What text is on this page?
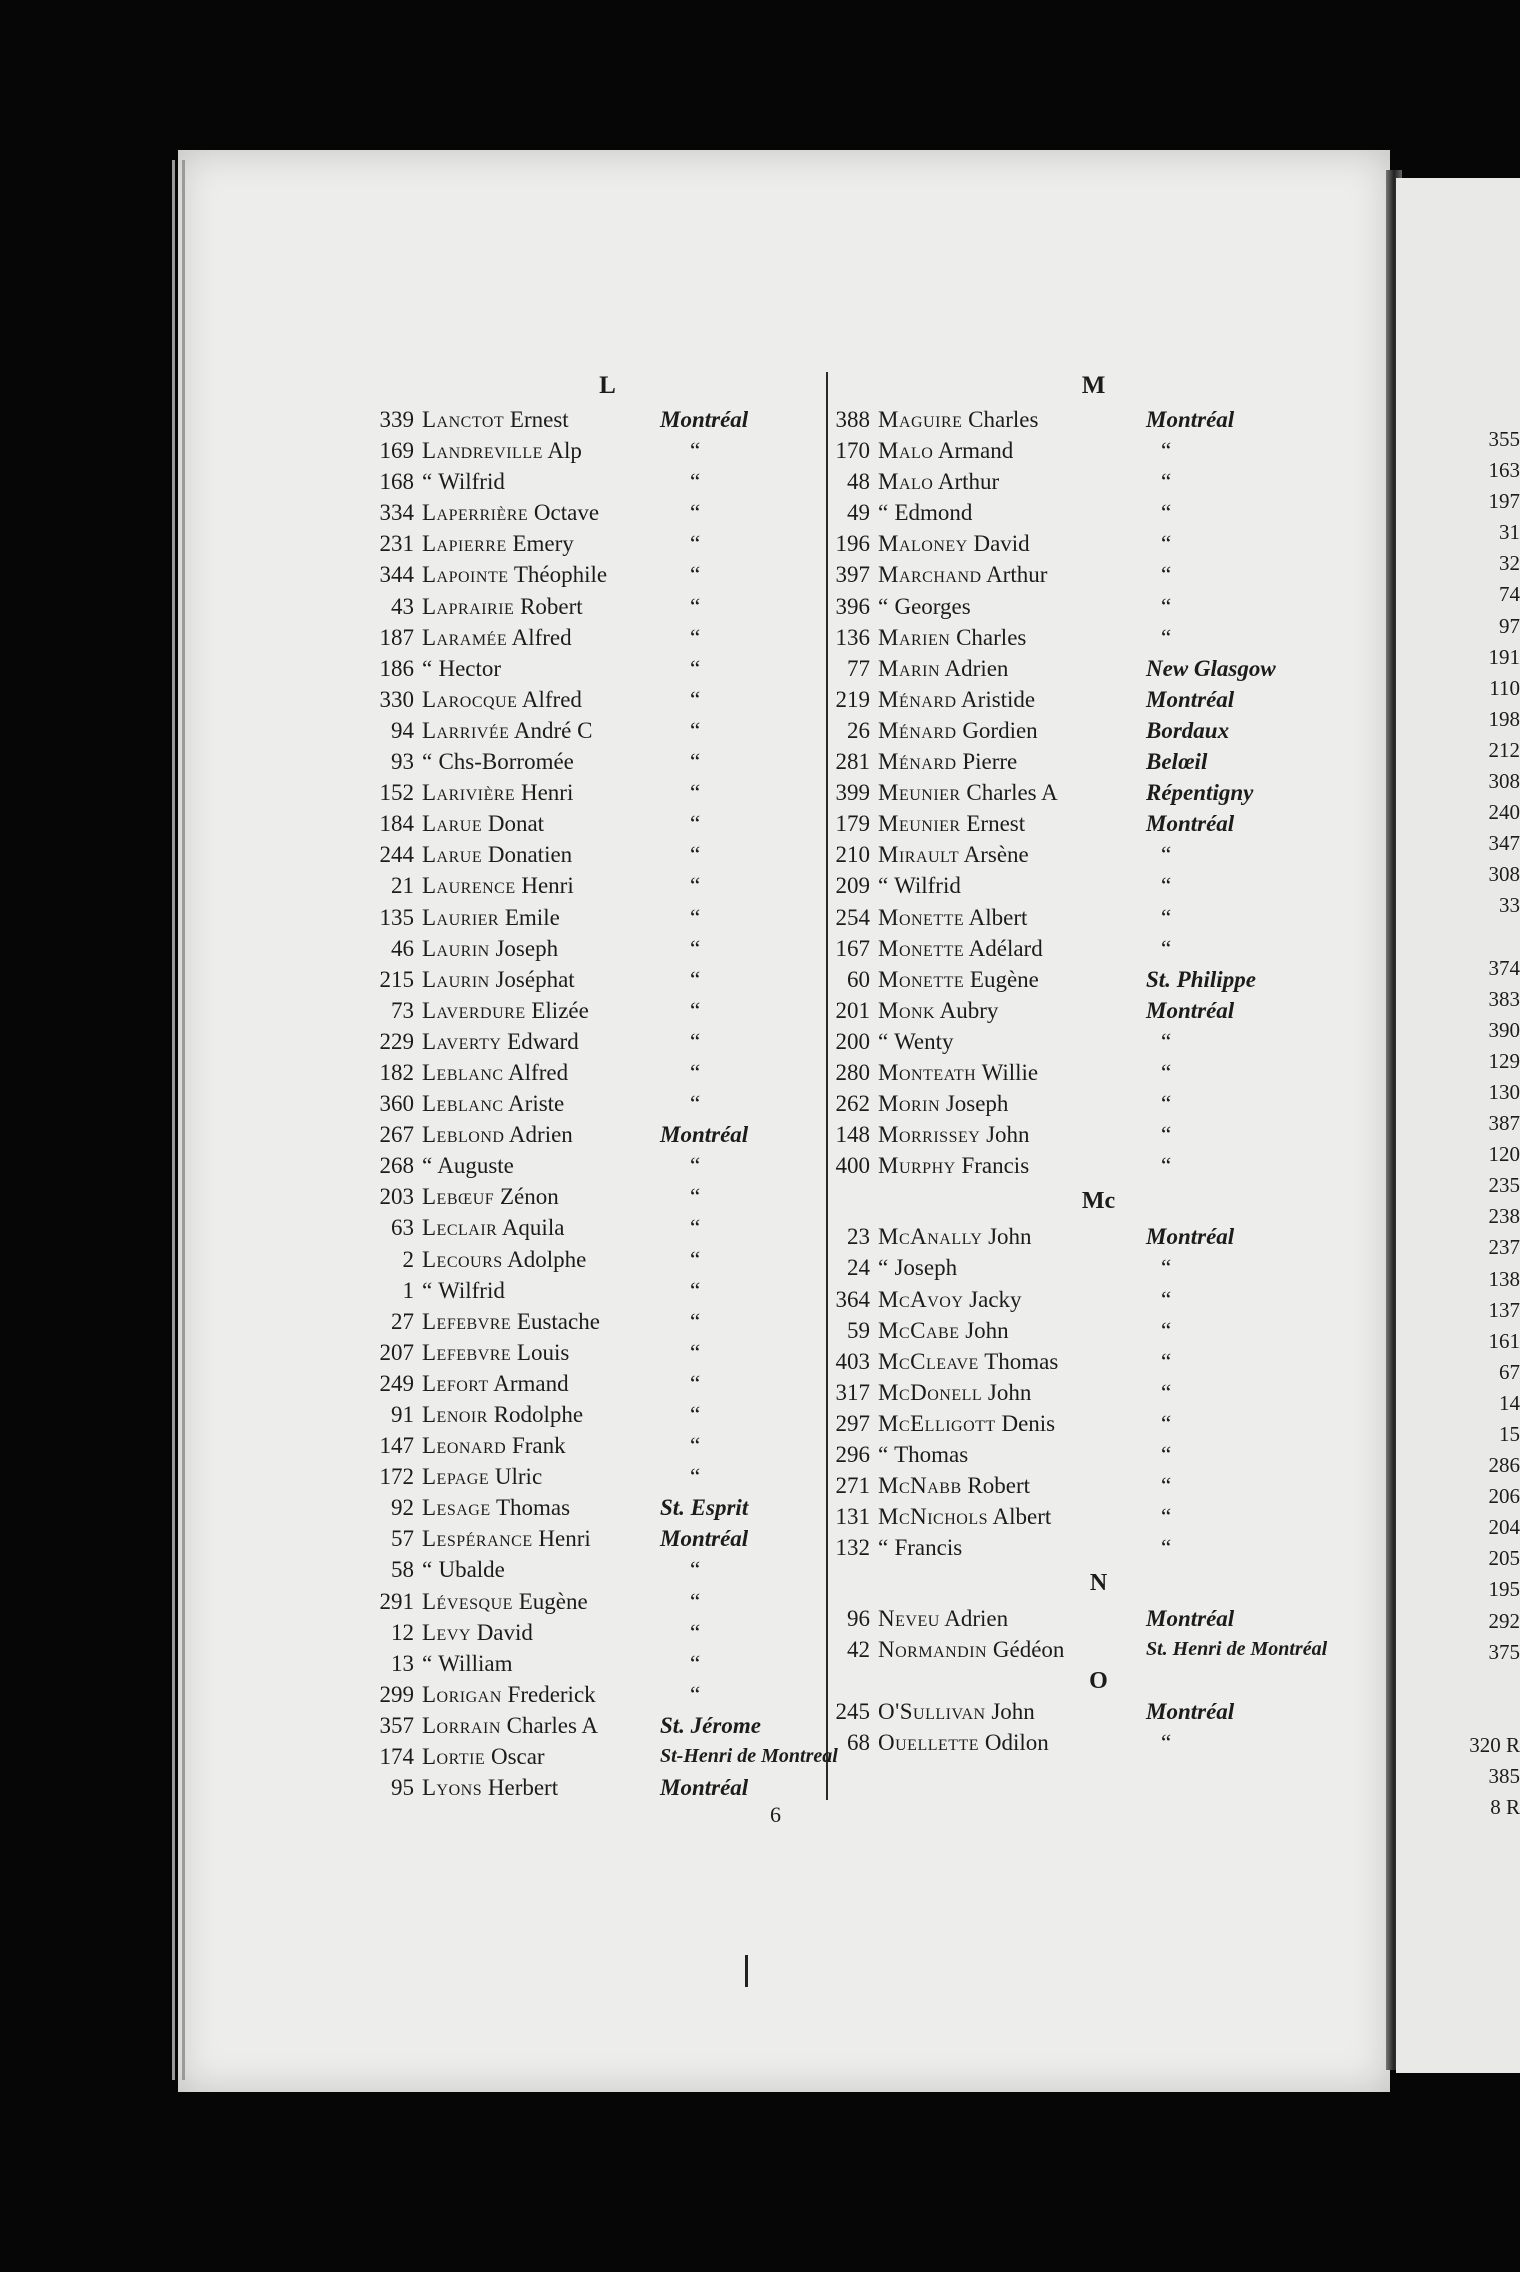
L
339 Lanctot Ernest	Montréal
169 Landreville Alp	“
168 “ Wilfrid	“
334 Laperrière Octave	“
231 Lapierre Emery	“
344 Lapointe Théophile	“
43 Laprairie Robert	“
187 Laramée Alfred	“
186 “ Hector	“
330 Larocque Alfred	“
94 Larrivée André C	“
93 “ Chs-Borromée	“
152 Larivière Henri	“
184 Larue Donat	“
244 Larue Donatien	“
21 Laurence Henri	“
135 Laurier Emile	“
46 Laurin Joseph	“
215 Laurin Joséphat	“
73 Laverdure Elizée	“
229 Laverty Edward	“
182 Leblanc Alfred	“
360 Leblanc Ariste	“
267 Leblond Adrien	Montréal
268 “ Auguste	“
203 Lebœuf Zénon	“
63 Leclair Aquila	“
2 Lecours Adolphe	“
1 “ Wilfrid	“
27 Lefebvre Eustache	“
207 Lefebvre Louis	“
249 Lefort Armand	“
91 Lenoir Rodolphe	“
147 Leonard Frank	“
172 Lepage Ulric	“
92 Lesage Thomas	St. Esprit
57 Lespérance Henri	Montréal
58 “ Ubalde	“
291 Lévesque Eugène	“
12 Levy David	“
13 “ William	“
299 Lorigan Frederick	“
357 Lorrain Charles A	St. Jérome
174 Lortie Oscar	St-Henri de Montreal
95 Lyons Herbert	Montréal
M
388 Maguire Charles	Montréal
170 Malo Armand	“
48 Malo Arthur	“
49 “ Edmond	“
196 Maloney David	“
397 Marchand Arthur	“
396 “ Georges	“
136 Marien Charles	“
77 Marin Adrien	New Glasgow
219 Ménard Aristide	Montréal
26 Ménard Gordien	Bordaux
281 Ménard Pierre	Belœil
399 Meunier Charles A	Répentigny
179 Meunier Ernest	Montréal
210 Mirault Arsène	“
209 “ Wilfrid	“
254 Monette Albert	“
167 Monette Adélard	“
60 Monette Eugène	St. Philippe
201 Monk Aubry	Montréal
200 “ Wenty	“
280 Monteath Willie	“
262 Morin Joseph	“
148 Morrissey John	“
400 Murphy Francis	“
Mc
23 McAnally John	Montréal
24 “ Joseph	“
364 McAvoy Jacky	“
59 McCabe John	“
403 McCleave Thomas	“
317 McDonell John	“
297 McElligott Denis	“
296 “ Thomas	“
271 McNabb Robert	“
131 McNichols Albert	“
132 “ Francis	“
N
96 Neveu Adrien	Montréal
42 Normandin Gédéon	St. Henri de Montréal
O
245 O'Sullivan John	Montréal
68 Ouellette Odilon	“
6
355
163
197
31
32
74
97
191
110
198
212
308
240
347
308
33
374
383
390
129
130
387
120
235
238
237
138
137
161
67
14
15
286
206
204
205
195
292
375
320 R
385
8 R
